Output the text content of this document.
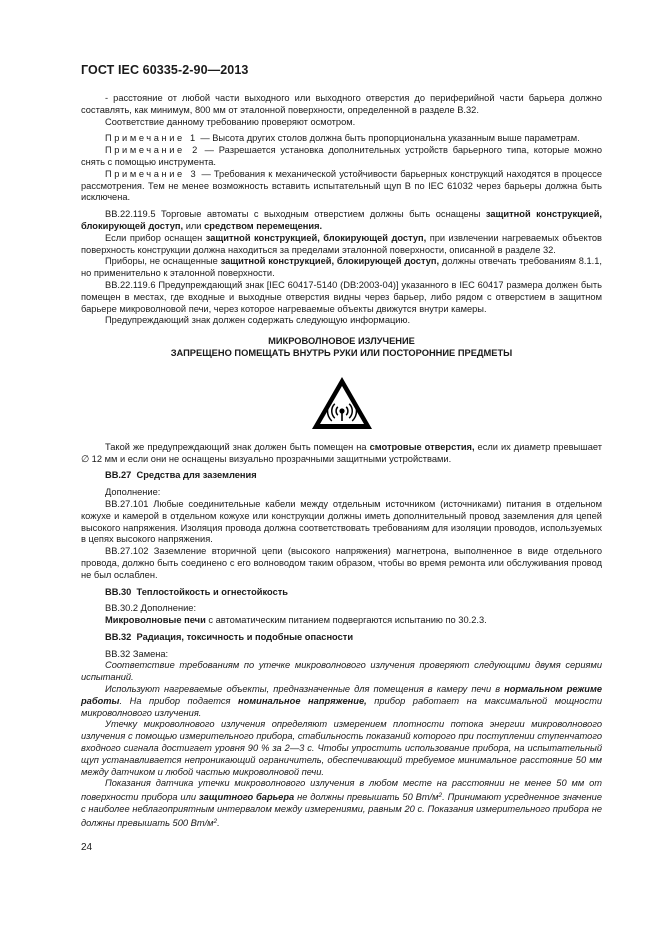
ГОСТ IEC 60335-2-90—2013

- расстояние от любой части выходного или выходного отверстия до периферийной части барьера должно составлять, как минимум, 800 мм от эталонной поверхности, определенной в разделе В.32.

Соответствие данному требованию проверяют осмотром.

Примечание 1 — Высота других столов должна быть пропорциональна указанным выше параметрам.

Примечание 2 — Разрешается установка дополнительных устройств барьерного типа, которые можно снять с помощью инструмента.

Примечание 3 — Требования к механической устойчивости барьерных конструкций находятся в процессе рассмотрения. Тем не менее возможность вставить испытательный щуп В по IEC 61032 через барьеры должна быть исключена.

ВВ.22.119.5 Торговые автоматы с выходным отверстием должны быть оснащены защитной конструкцией, блокирующей доступ, или средством перемещения.

Если прибор оснащен защитной конструкцией, блокирующей доступ, при извлечении нагреваемых объектов поверхность конструкции должна находиться за пределами эталонной поверхности, описанной в разделе 32.

Приборы, не оснащенные защитной конструкцией, блокирующей доступ, должны отвечать требованиям 8.1.1, но применительно к эталонной поверхности.

ВВ.22.119.6 Предупреждающий знак [IEC 60417-5140 (DB:2003-04)] указанного в IEC 60417 размера должен быть помещен в местах, где входные и выходные отверстия видны через барьер, либо рядом с отверстием в защитном барьере микроволновой печи, через которое нагреваемые объекты движутся внутри камеры.

Предупреждающий знак должен содержать следующую информацию.

МИКРОВОЛНОВОЕ ИЗЛУЧЕНИЕ

ЗАПРЕЩЕНО ПОМЕЩАТЬ ВНУТРЬ РУКИ ИЛИ ПОСТОРОННИЕ ПРЕДМЕТЫ

Такой же предупреждающий знак должен быть помещен на смотровые отверстия, если их диаметр превышает ∅ 12 мм и если они не оснащены визуально прозрачными защитными устройствами.

ВВ.27 Средства для заземления

Дополнение:

ВВ.27.101 Любые соединительные кабели между отдельным источником (источниками) питания в отдельном кожухе и камерой в отдельном кожухе или конструкции должны иметь дополнительный провод заземления для цепей высокого напряжения. Изоляция провода должна соответствовать требованиям для изоляции проводов, используемых в цепях высокого напряжения.

ВВ.27.102 Заземление вторичной цепи (высокого напряжения) магнетрона, выполненное в виде отдельного провода, должно быть соединено с его волноводом таким образом, чтобы во время ремонта или обслуживания провод не был ослаблен.

ВВ.30 Теплостойкость и огнестойкость

ВВ.30.2 Дополнение:

Микроволновые печи с автоматическим питанием подвергаются испытанию по 30.2.3.

ВВ.32 Радиация, токсичность и подобные опасности

ВВ.32 Замена:

Соответствие требованиям по утечке микроволнового излучения проверяют следующими двумя сериями испытаний.

Используют нагреваемые объекты, предназначенные для помещения в камеру печи в нормальном режиме работы. На прибор подается номинальное напряжение, прибор работает на максимальной мощности микроволнового излучения.

Утечку микроволнового излучения определяют измерением плотности потока энергии микроволнового излучения с помощью измерительного прибора, стабильность показаний которого при поступлении ступенчатого входного сигнала достигает уровня 90 % за 2—3 с. Чтобы упростить использование прибора, на испытательный щуп устанавливается непроникающий ограничитель, обеспечивающий требуемое минимальное расстояние 50 мм между датчиком и любой частью микроволновой печи.

Показания датчика утечки микроволнового излучения в любом месте на расстоянии не менее 50 мм от поверхности прибора или защитного барьера не должны превышать 50 $Вт/м^2$. Принимают усредненное значение с наиболее неблагоприятным интервалом между измерениями, равным 20 с. Показания измерительного прибора не должны превышать 500 $Вт/м^2$.

24
